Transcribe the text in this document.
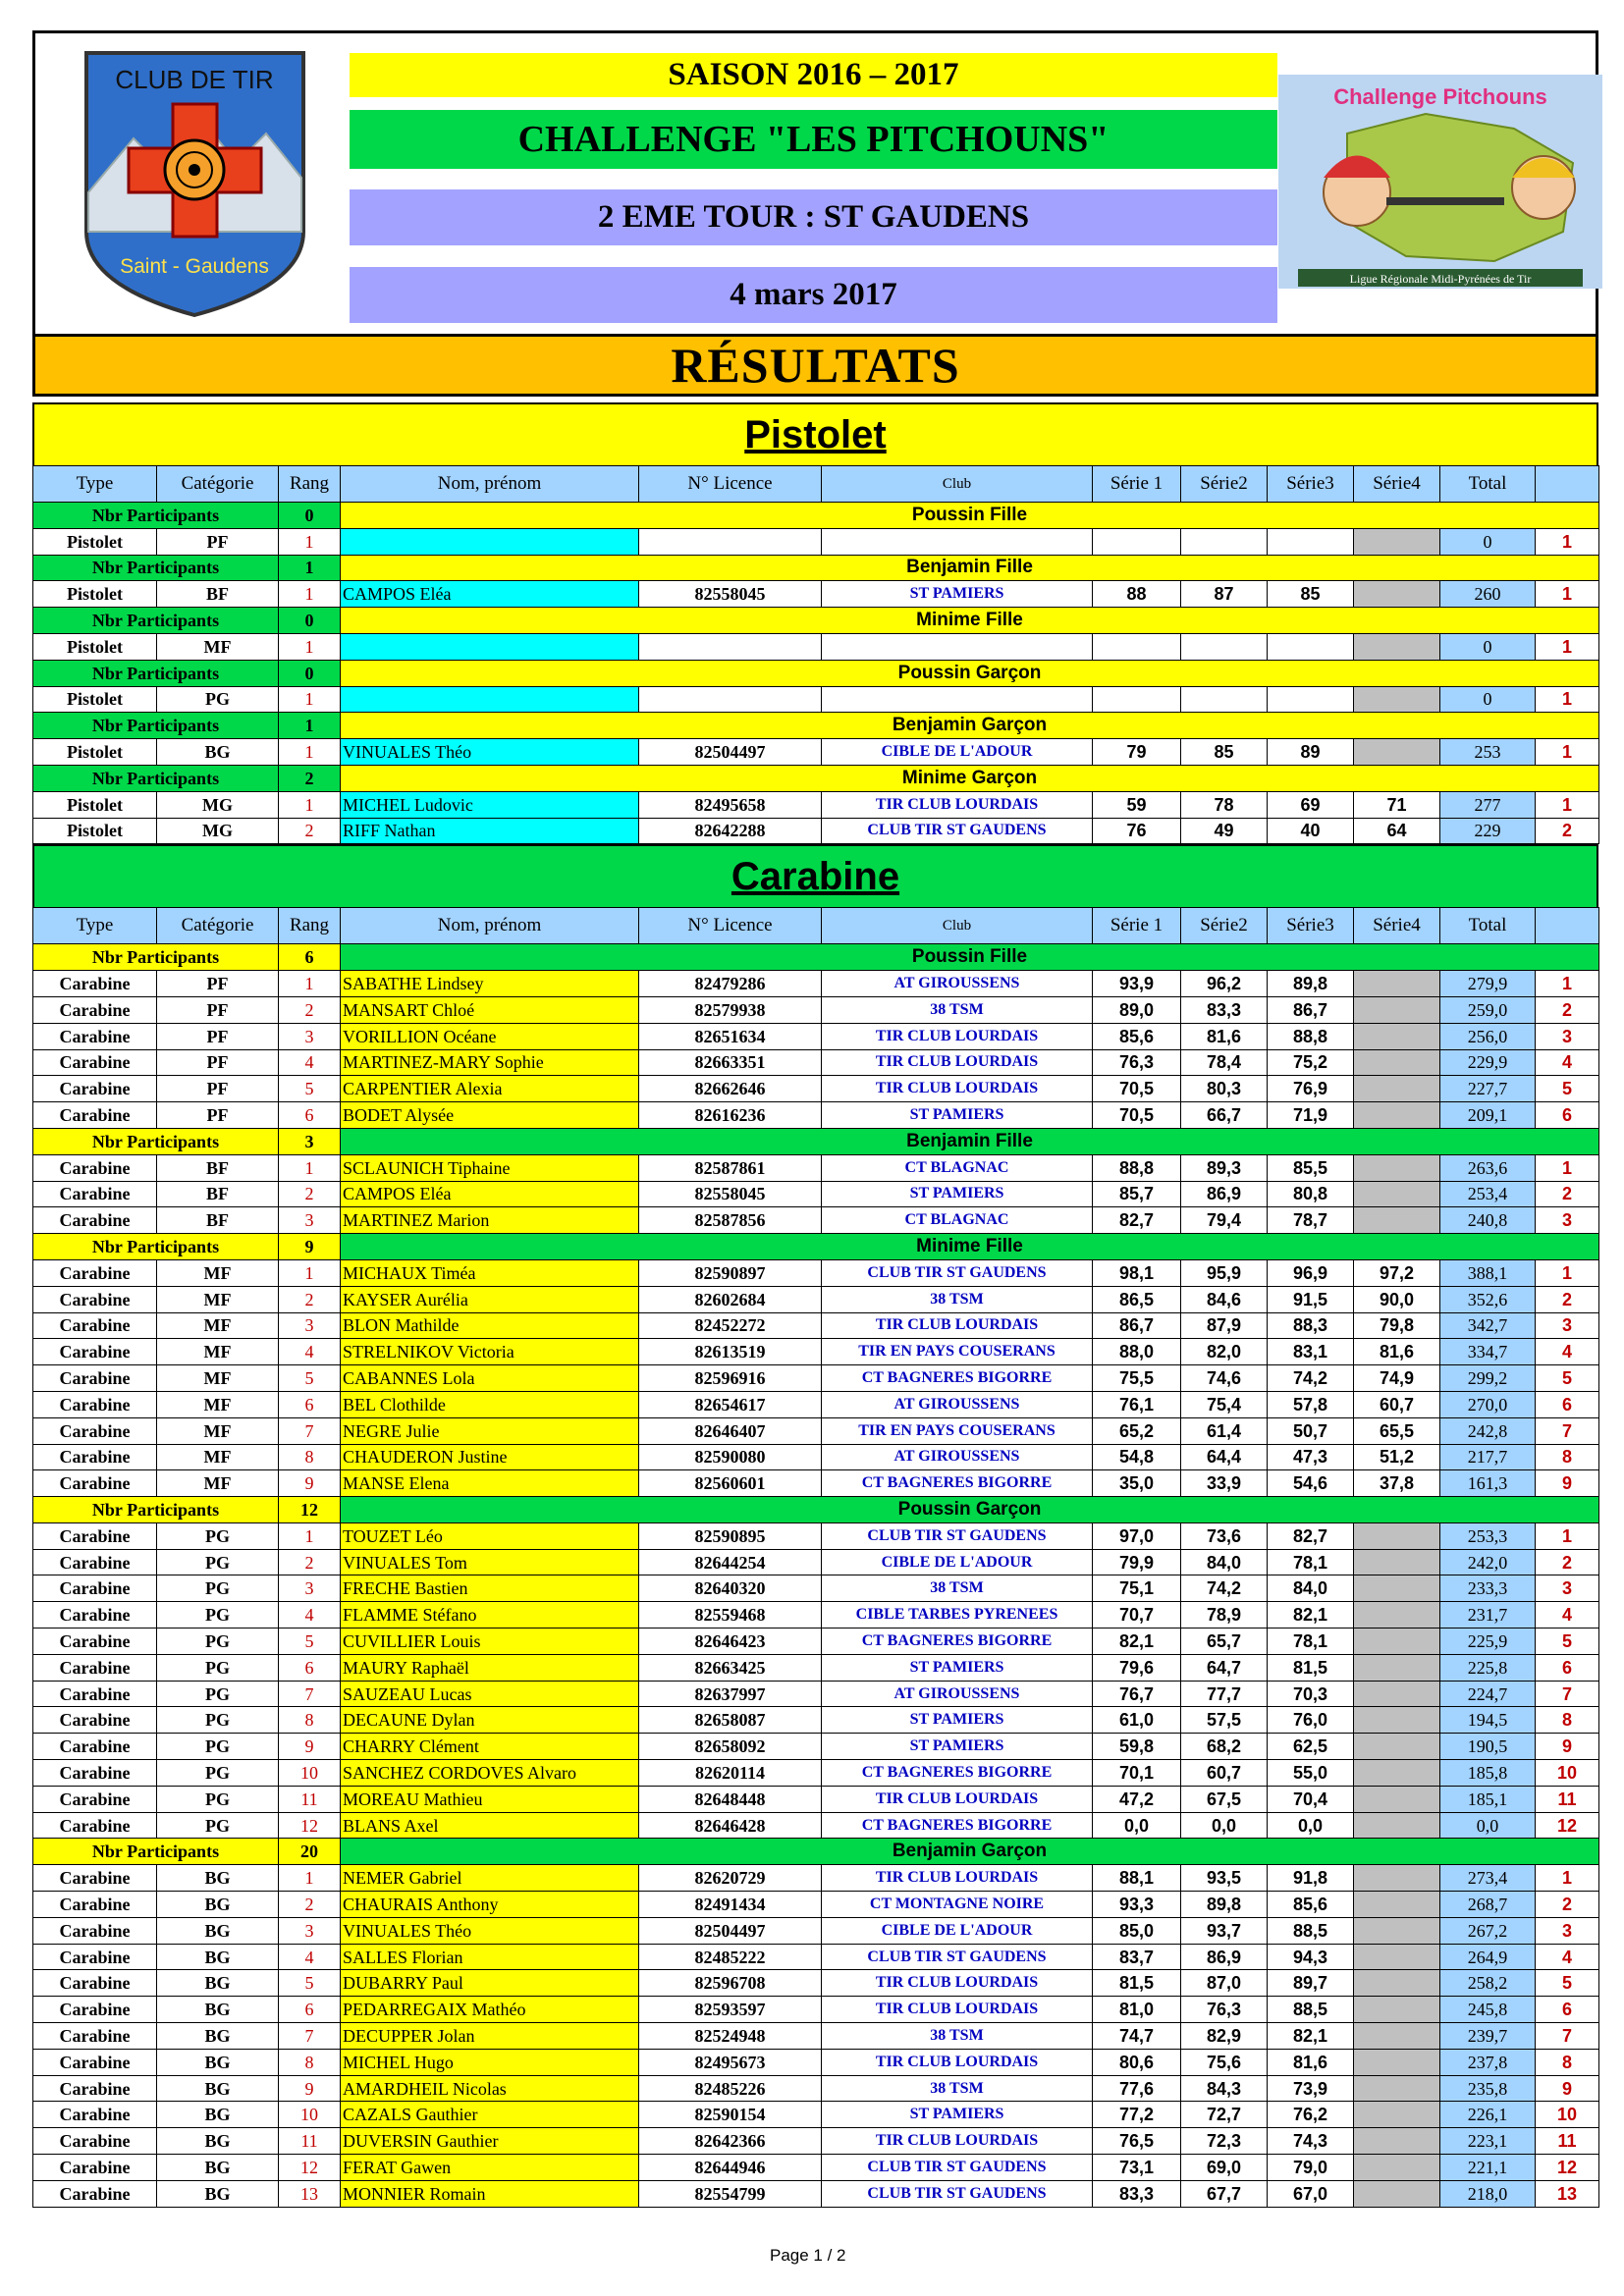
CLUB DE TIR
Saint - Gaudens
SAISON 2016 – 2017
CHALLENGE "LES PITCHOUNS"
2 EME TOUR : ST GAUDENS
4 mars 2017
Challenge Pitchouns
Ligue Régionale Midi-Pyrénées de Tir
RÉSULTATS
Pistolet
Type	Catégorie	Rang	Nom, prénom	N° Licence	Club	Série 1	Série2	Série3	Série4	Total	
Nbr Participants		0	Poussin Fille								
Pistolet	PF	1								0	1
Nbr Participants		1	Benjamin Fille								
Pistolet	BF	1	CAMPOS Eléa	82558045	ST PAMIERS	88	87	85		260	1
Nbr Participants		0	Minime Fille								
Pistolet	MF	1								0	1
Nbr Participants		0	Poussin Garçon								
Pistolet	PG	1								0	1
Nbr Participants		1	Benjamin Garçon								
Pistolet	BG	1	VINUALES Théo	82504497	CIBLE DE L'ADOUR	79	85	89		253	1
Nbr Participants		2	Minime Garçon								
Pistolet	MG	1	MICHEL Ludovic	82495658	TIR CLUB LOURDAIS	59	78	69	71	277	1
Pistolet	MG	2	RIFF Nathan	82642288	CLUB TIR ST GAUDENS	76	49	40	64	229	2
Carabine
Type	Catégorie	Rang	Nom, prénom	N° Licence	Club	Série 1	Série2	Série3	Série4	Total	
Nbr Participants		6	Poussin Fille								
Carabine	PF	1	SABATHE Lindsey	82479286	AT GIROUSSENS	93,9	96,2	89,8		279,9	1
Carabine	PF	2	MANSART Chloé	82579938	38 TSM	89,0	83,3	86,7		259,0	2
Carabine	PF	3	VORILLION Océane	82651634	TIR CLUB LOURDAIS	85,6	81,6	88,8		256,0	3
Carabine	PF	4	MARTINEZ-MARY Sophie	82663351	TIR CLUB LOURDAIS	76,3	78,4	75,2		229,9	4
Carabine	PF	5	CARPENTIER Alexia	82662646	TIR CLUB LOURDAIS	70,5	80,3	76,9		227,7	5
Carabine	PF	6	BODET Alysée	82616236	ST PAMIERS	70,5	66,7	71,9		209,1	6
Nbr Participants		3	Benjamin Fille								
Carabine	BF	1	SCLAUNICH Tiphaine	82587861	CT BLAGNAC	88,8	89,3	85,5		263,6	1
Carabine	BF	2	CAMPOS Eléa	82558045	ST PAMIERS	85,7	86,9	80,8		253,4	2
Carabine	BF	3	MARTINEZ Marion	82587856	CT BLAGNAC	82,7	79,4	78,7		240,8	3
Nbr Participants		9	Minime Fille								
Carabine	MF	1	MICHAUX Timéa	82590897	CLUB TIR ST GAUDENS	98,1	95,9	96,9	97,2	388,1	1
Carabine	MF	2	KAYSER Aurélia	82602684	38 TSM	86,5	84,6	91,5	90,0	352,6	2
Carabine	MF	3	BLON Mathilde	82452272	TIR CLUB LOURDAIS	86,7	87,9	88,3	79,8	342,7	3
Carabine	MF	4	STRELNIKOV Victoria	82613519	TIR EN PAYS COUSERANS	88,0	82,0	83,1	81,6	334,7	4
Carabine	MF	5	CABANNES Lola	82596916	CT BAGNERES BIGORRE	75,5	74,6	74,2	74,9	299,2	5
Carabine	MF	6	BEL Clothilde	82654617	AT GIROUSSENS	76,1	75,4	57,8	60,7	270,0	6
Carabine	MF	7	NEGRE Julie	82646407	TIR EN PAYS COUSERANS	65,2	61,4	50,7	65,5	242,8	7
Carabine	MF	8	CHAUDERON Justine	82590080	AT GIROUSSENS	54,8	64,4	47,3	51,2	217,7	8
Carabine	MF	9	MANSE Elena	82560601	CT BAGNERES BIGORRE	35,0	33,9	54,6	37,8	161,3	9
Nbr Participants		12	Poussin Garçon								
Carabine	PG	1	TOUZET Léo	82590895	CLUB TIR ST GAUDENS	97,0	73,6	82,7		253,3	1
Carabine	PG	2	VINUALES Tom	82644254	CIBLE DE L'ADOUR	79,9	84,0	78,1		242,0	2
Carabine	PG	3	FRECHE Bastien	82640320	38 TSM	75,1	74,2	84,0		233,3	3
Carabine	PG	4	FLAMME Stéfano	82559468	CIBLE TARBES PYRENEES	70,7	78,9	82,1		231,7	4
Carabine	PG	5	CUVILLIER Louis	82646423	CT BAGNERES BIGORRE	82,1	65,7	78,1		225,9	5
Carabine	PG	6	MAURY Raphaël	82663425	ST PAMIERS	79,6	64,7	81,5		225,8	6
Carabine	PG	7	SAUZEAU Lucas	82637997	AT GIROUSSENS	76,7	77,7	70,3		224,7	7
Carabine	PG	8	DECAUNE Dylan	82658087	ST PAMIERS	61,0	57,5	76,0		194,5	8
Carabine	PG	9	CHARRY Clément	82658092	ST PAMIERS	59,8	68,2	62,5		190,5	9
Carabine	PG	10	SANCHEZ CORDOVES Alvaro	82620114	CT BAGNERES BIGORRE	70,1	60,7	55,0		185,8	10
Carabine	PG	11	MOREAU Mathieu	82648448	TIR CLUB LOURDAIS	47,2	67,5	70,4		185,1	11
Carabine	PG	12	BLANS Axel	82646428	CT BAGNERES BIGORRE	0,0	0,0	0,0		0,0	12
Nbr Participants		20	Benjamin Garçon								
Carabine	BG	1	NEMER Gabriel	82620729	TIR CLUB LOURDAIS	88,1	93,5	91,8		273,4	1
Carabine	BG	2	CHAURAIS Anthony	82491434	CT MONTAGNE NOIRE	93,3	89,8	85,6		268,7	2
Carabine	BG	3	VINUALES Théo	82504497	CIBLE DE L'ADOUR	85,0	93,7	88,5		267,2	3
Carabine	BG	4	SALLES Florian	82485222	CLUB TIR ST GAUDENS	83,7	86,9	94,3		264,9	4
Carabine	BG	5	DUBARRY Paul	82596708	TIR CLUB LOURDAIS	81,5	87,0	89,7		258,2	5
Carabine	BG	6	PEDARREGAIX Mathéo	82593597	TIR CLUB LOURDAIS	81,0	76,3	88,5		245,8	6
Carabine	BG	7	DECUPPER Jolan	82524948	38 TSM	74,7	82,9	82,1		239,7	7
Carabine	BG	8	MICHEL Hugo	82495673	TIR CLUB LOURDAIS	80,6	75,6	81,6		237,8	8
Carabine	BG	9	AMARDHEIL Nicolas	82485226	38 TSM	77,6	84,3	73,9		235,8	9
Carabine	BG	10	CAZALS Gauthier	82590154	ST PAMIERS	77,2	72,7	76,2		226,1	10
Carabine	BG	11	DUVERSIN Gauthier	82642366	TIR CLUB LOURDAIS	76,5	72,3	74,3		223,1	11
Carabine	BG	12	FERAT Gawen	82644946	CLUB TIR ST GAUDENS	73,1	69,0	79,0		221,1	12
Carabine	BG	13	MONNIER Romain	82554799	CLUB TIR ST GAUDENS	83,3	67,7	67,0		218,0	13
Page 1 / 2
